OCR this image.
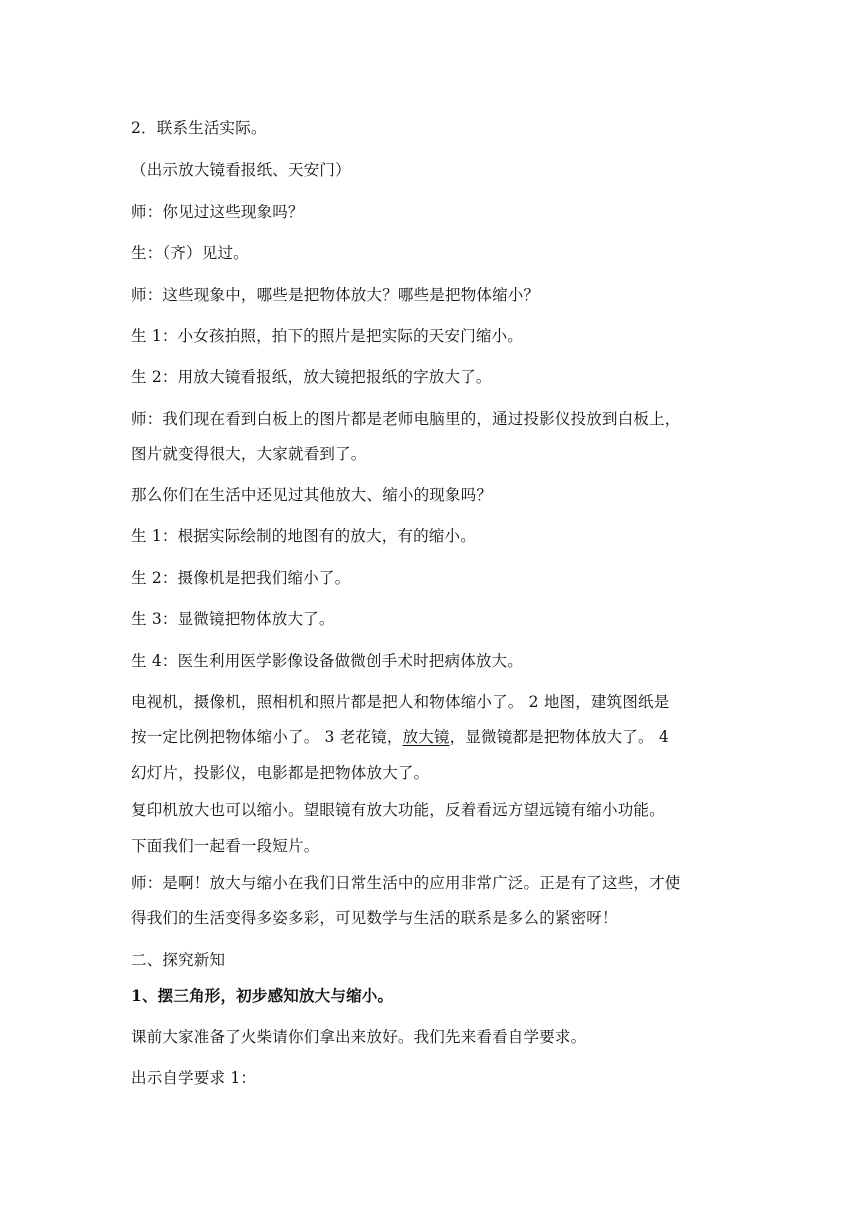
2．联系生活实际。
（出示放大镜看报纸、天安门）
师：你见过这些现象吗？
生：（齐）见过。
师：这些现象中，哪些是把物体放大？哪些是把物体缩小？
生 1：小女孩拍照，拍下的照片是把实际的天安门缩小。
生 2：用放大镜看报纸，放大镜把报纸的字放大了。
师：我们现在看到白板上的图片都是老师电脑里的，通过投影仪投放到白板上，
图片就变得很大，大家就看到了。
那么你们在生活中还见过其他放大、缩小的现象吗？
生 1：根据实际绘制的地图有的放大，有的缩小。
生 2：摄像机是把我们缩小了。
生 3：显微镜把物体放大了。
生 4：医生利用医学影像设备做微创手术时把病体放大。
电视机，摄像机，照相机和照片都是把人和物体缩小了。 2 地图，建筑图纸是
按一定比例把物体缩小了。 3 老花镜，放大镜，显微镜都是把物体放大了。 4
幻灯片，投影仪，电影都是把物体放大了。
复印机放大也可以缩小。望眼镜有放大功能，反着看远方望远镜有缩小功能。
下面我们一起看一段短片。
师：是啊！放大与缩小在我们日常生活中的应用非常广泛。正是有了这些，才使
得我们的生活变得多姿多彩，可见数学与生活的联系是多么的紧密呀！
二、探究新知
1、摆三角形，初步感知放大与缩小。
课前大家准备了火柴请你们拿出来放好。我们先来看看自学要求。
出示自学要求 1：
